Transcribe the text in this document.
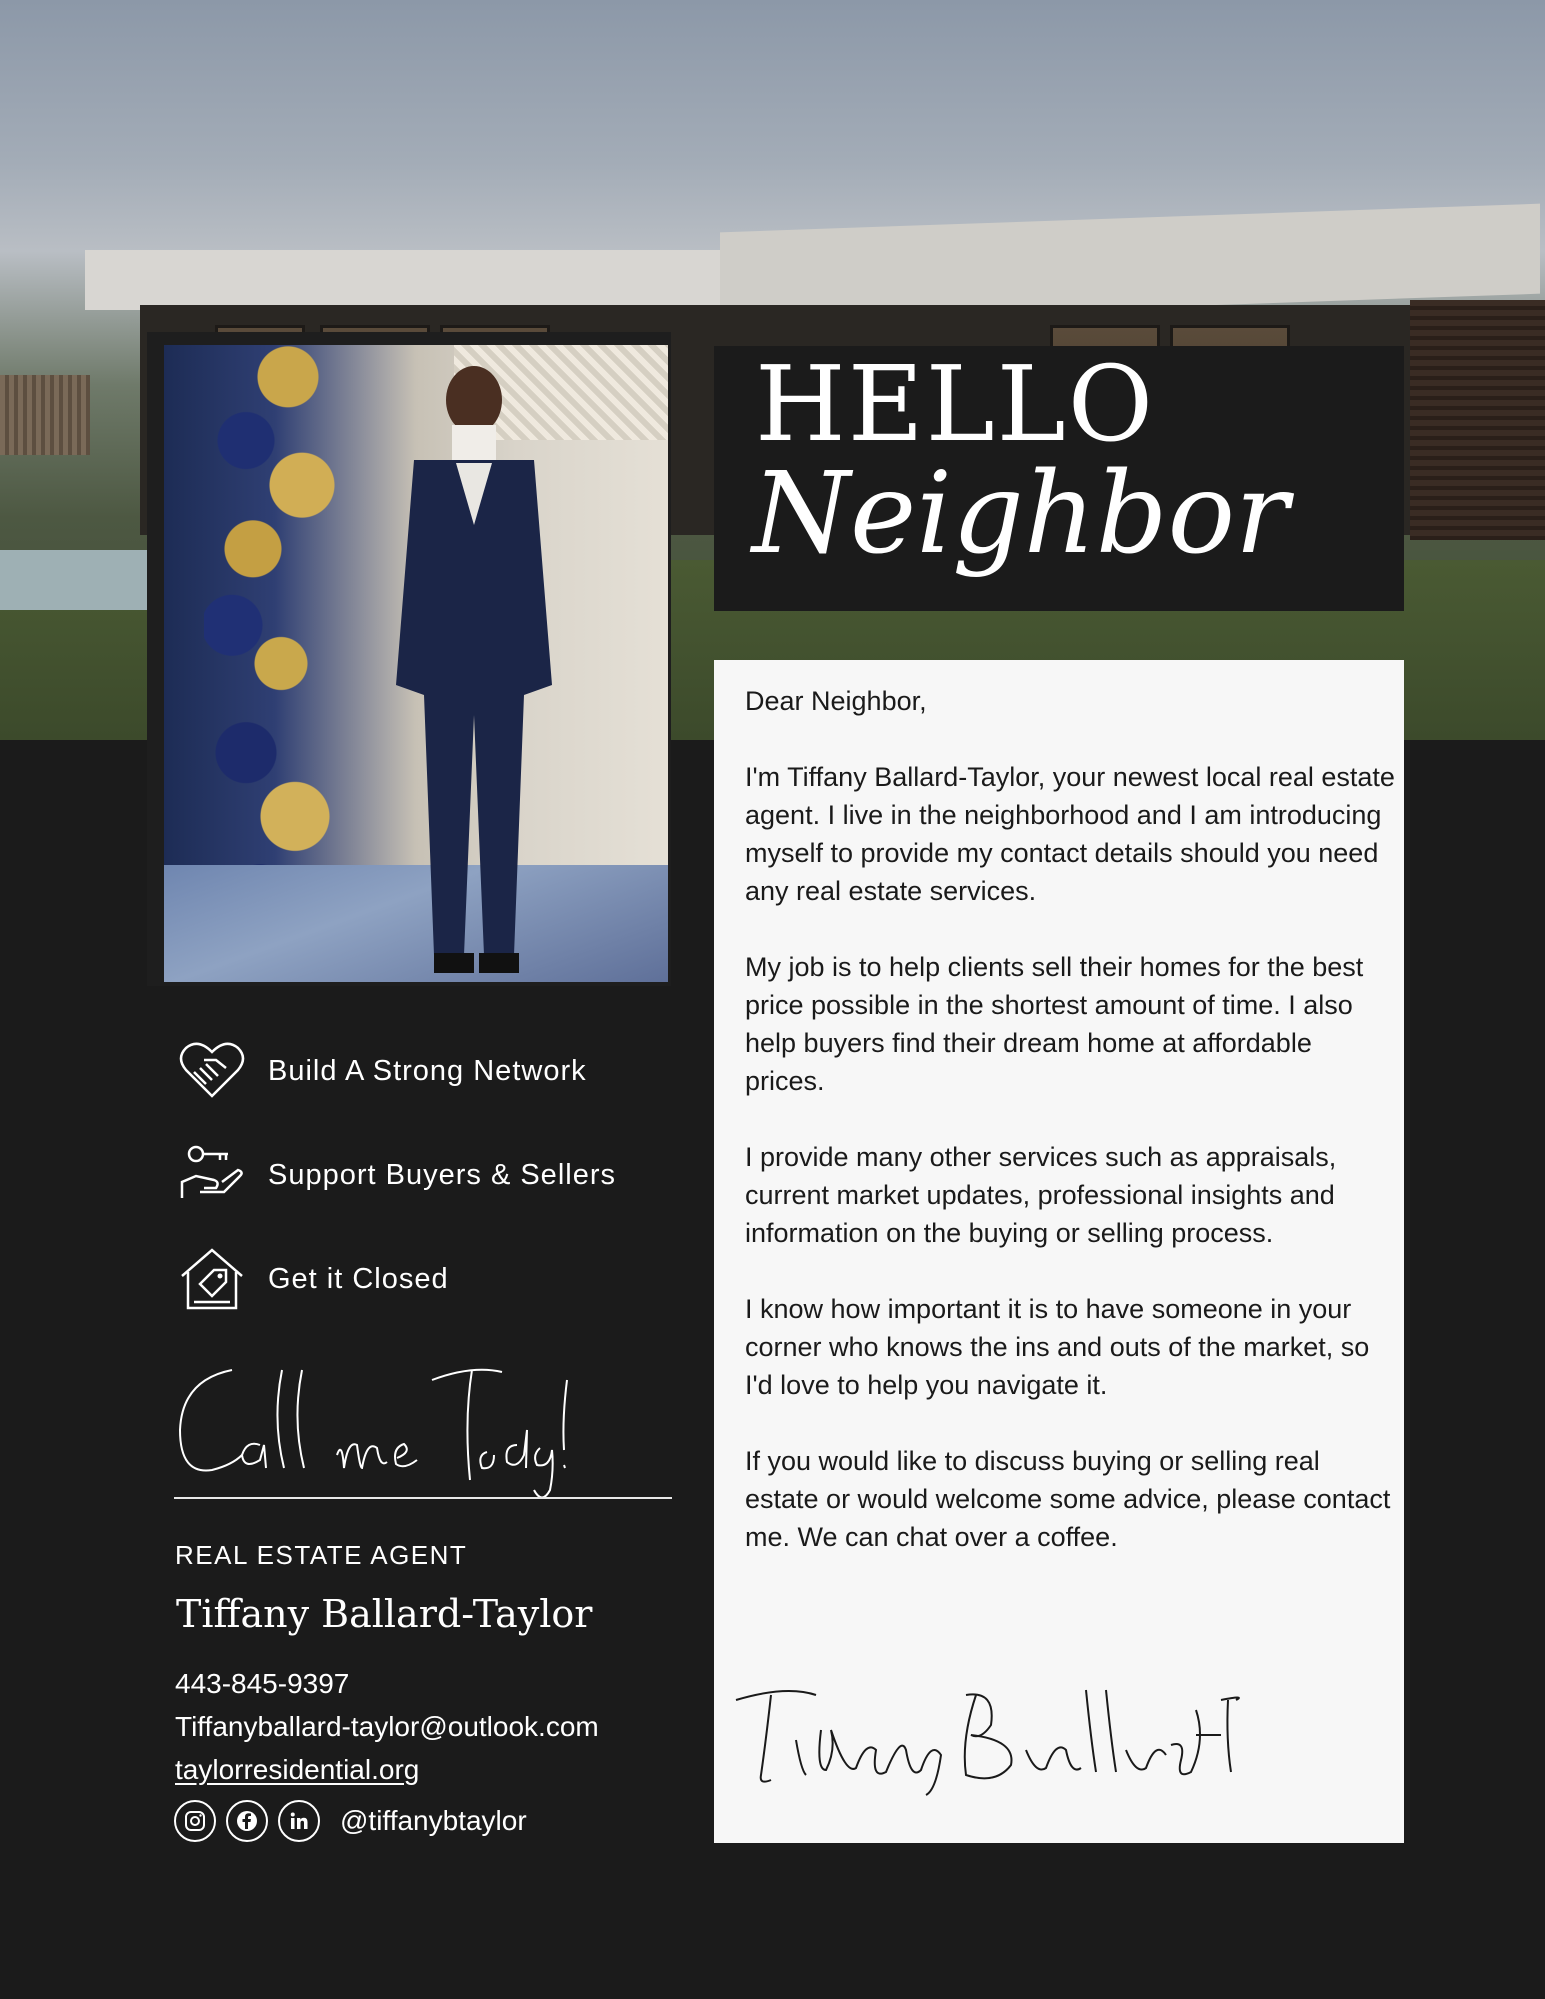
HELLO
Neighbor

Dear Neighbor,

I'm Tiffany Ballard-Taylor, your newest local real estate agent. I live in the neighborhood and I am introducing myself to provide my contact details should you need any real estate services.

My job is to help clients sell their homes for the best price possible in the shortest amount of time. I also help buyers find their dream home at affordable prices.

I provide many other services such as appraisals, current market updates, professional insights and information on the buying or selling process.

I know how important it is to have someone in your corner who knows the ins and outs of the market, so I'd love to help you navigate it.

If you would like to discuss buying or selling real estate or would welcome some advice, please contact me. We can chat over a coffee.

Build A Strong Network
Support Buyers & Sellers
Get it Closed
REAL ESTATE AGENT
Tiffany Ballard-Taylor
443-845-9397
Tiffanyballard-taylor@outlook.com
taylorresidential.org
@tiffanybtaylor
